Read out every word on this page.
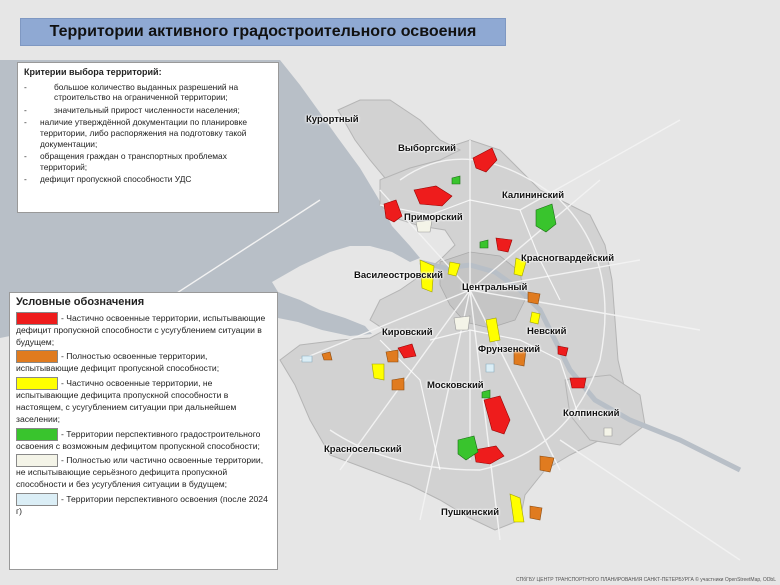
Территории активного градостроительного освоения
Критерии выбора территорий:
-	большое количество выданных разрешений на строительство на ограниченной территории;
-	значительный прирост численности населения;
-	наличие утверждённой документации по планировке территории, либо распоряжения на подготовку такой документации;
-	обращения граждан о транспортных проблемах территорий;
-	дефицит пропускной способности УДС
Условные обозначения
- Частично освоенные территории, испытывающие дефицит пропускной способности с усугублением ситуации в будущем;
- Полностью освоенные территории, испытывающие дефицит пропускной способности;
- Частично освоенные территории, не испытывающие дефицита пропускной способности в настоящем, с усугублением ситуации при дальнейшем заселении;
- Территории перспективного градостроительного освоения с возможным дефицитом пропускной способности;
- Полностью или частично освоенные территории, не испытывающие серьёзного дефицита пропускной способности и без усугубления ситуации в будущем;
- Территории перспективного освоения (после 2024 г)
Курортный
Выборгский
Калининский
Приморский
Красногвардейский
Василеостровский
Центральный
Кировский	Невский
Фрунзенский
Московский
Колпинский
Красносельский
Пушкинский
СПбГБУ ЦЕНТР ТРАНСПОРТНОГО ПЛАНИРОВАНИЯ САНКТ-ПЕТЕРБУРГА © участники OpenStreetMap, ODbL
